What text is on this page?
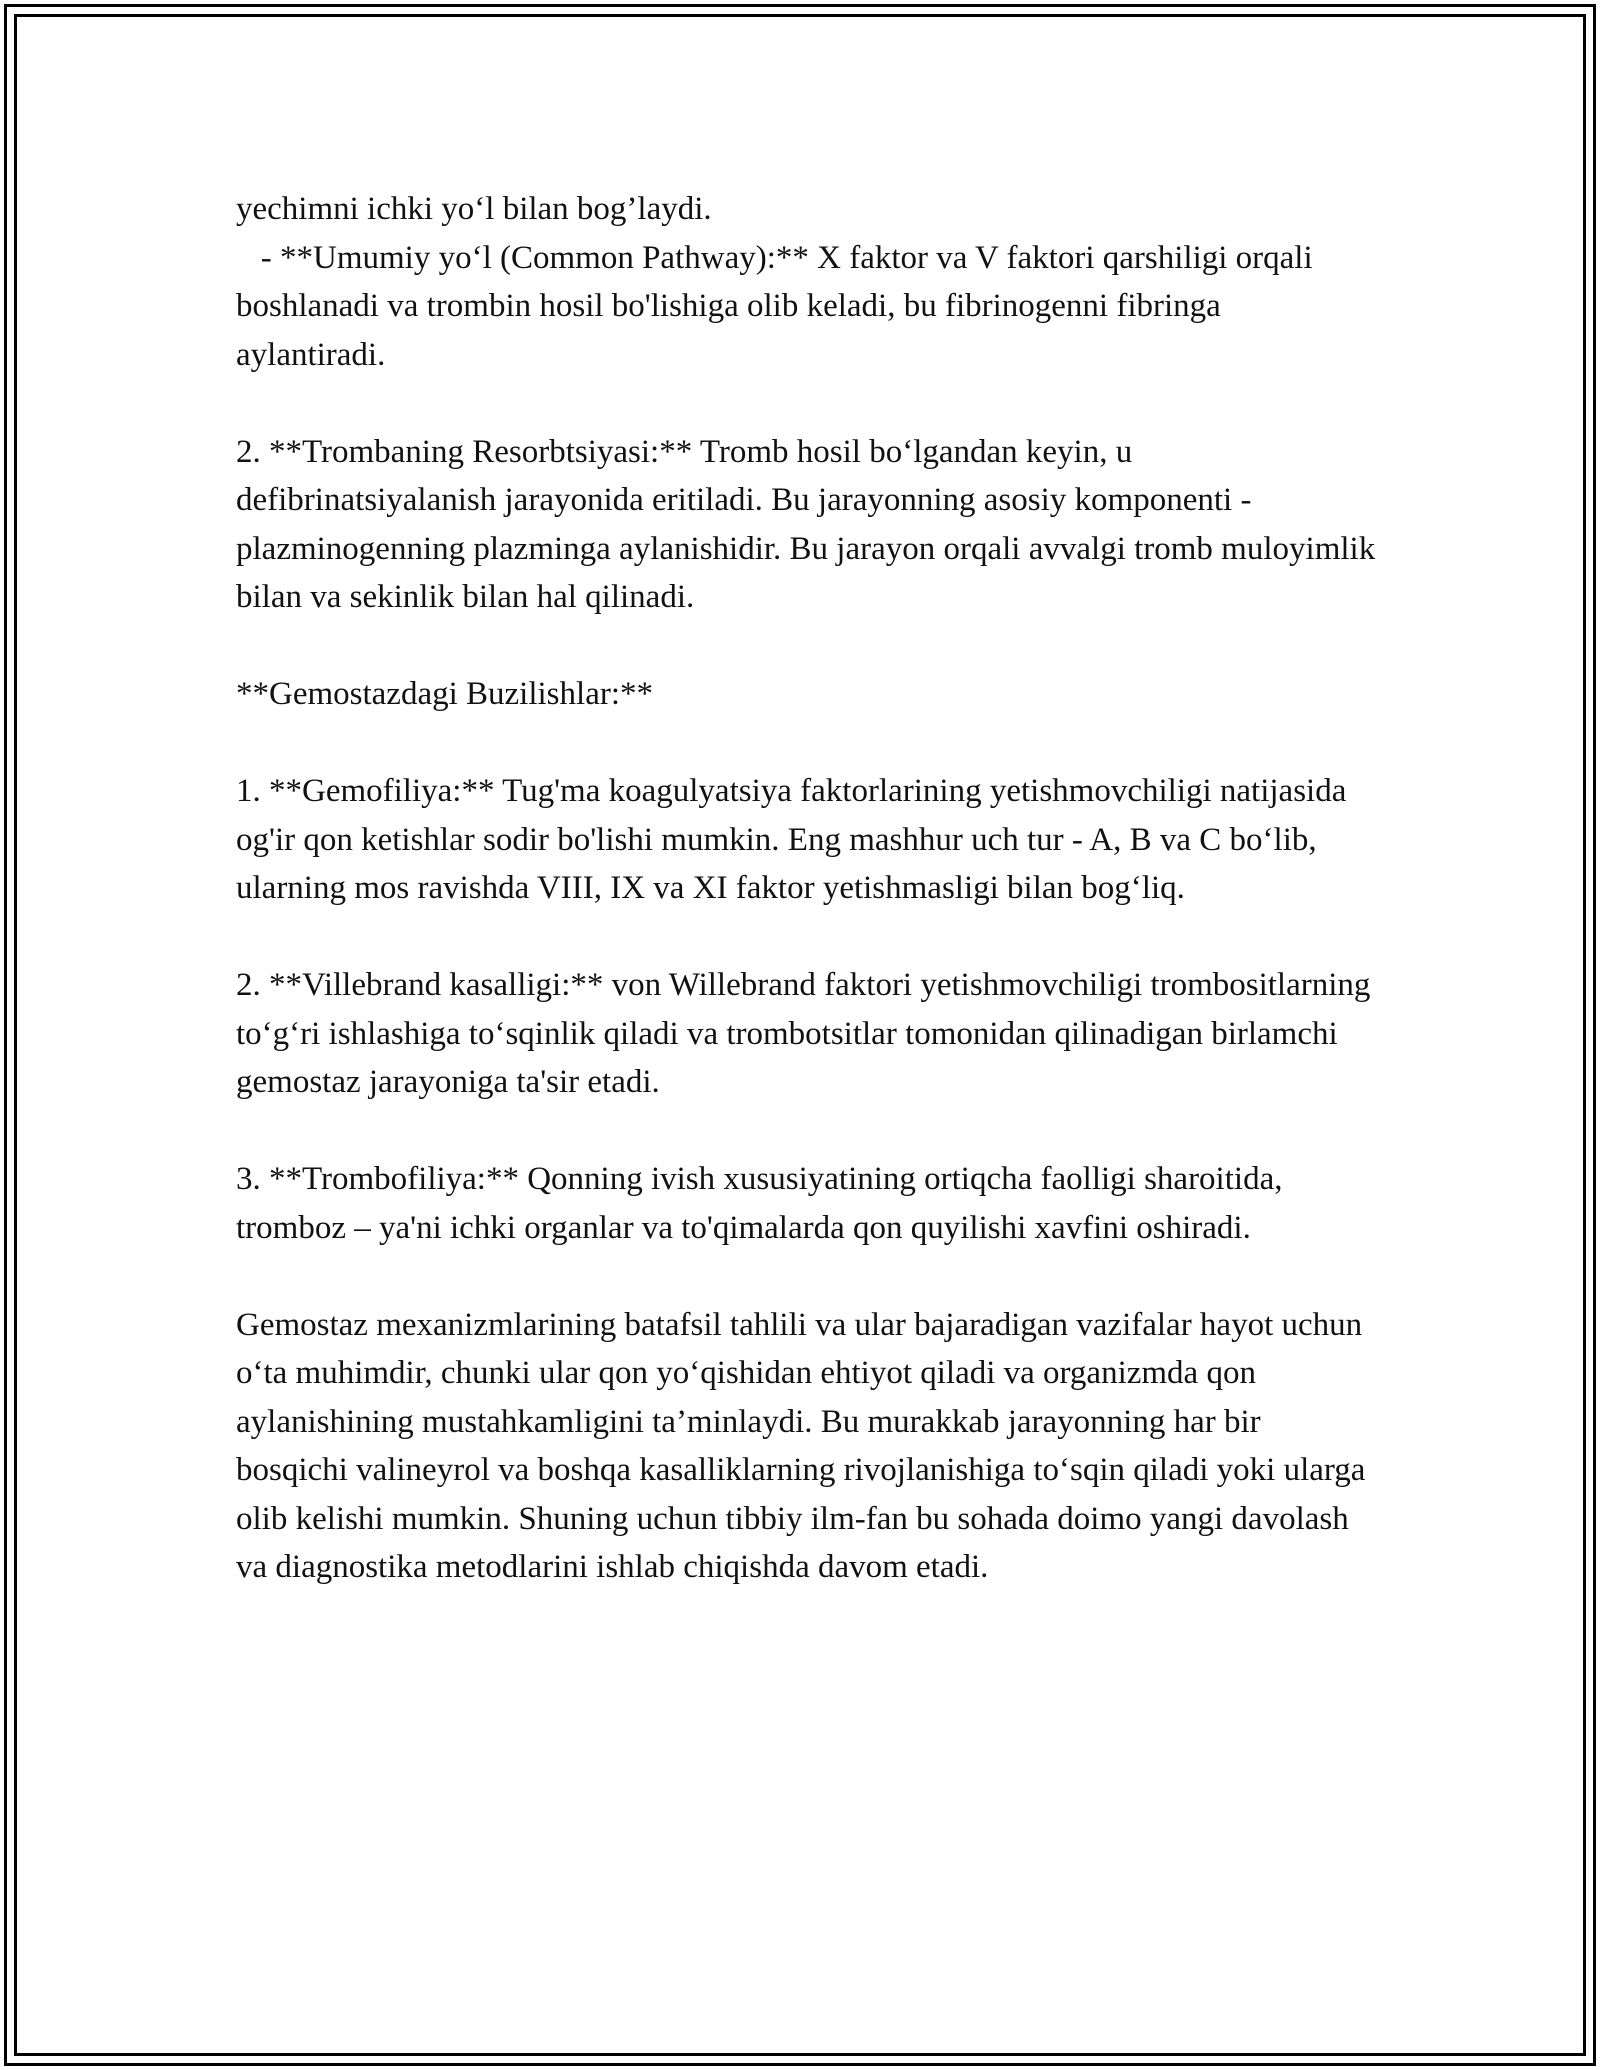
yechimni ichki yo‘l bilan bog’laydi.
- **Umumiy yo‘l (Common Pathway):** X faktor va V faktori qarshiligi orqali boshlanadi va trombin hosil bo'lishiga olib keladi, bu fibrinogenni fibringa aylantiradi.

2. **Trombaning Resorbtsiyasi:** Tromb hosil bo‘lgandan keyin, u defibrinatsiyalanish jarayonida eritiladi. Bu jarayonning asosiy komponenti - plazminogenning plazminga aylanishidir. Bu jarayon orqali avvalgi tromb muloyimlik bilan va sekinlik bilan hal qilinadi.

**Gemostazdagi Buzilishlar:**

1. **Gemofiliya:** Tug'ma koagulyatsiya faktorlarining yetishmovchiligi natijasida og'ir qon ketishlar sodir bo'lishi mumkin. Eng mashhur uch tur - A, B va C bo‘lib, ularning mos ravishda VIII, IX va XI faktor yetishmasligi bilan bog‘liq.

2. **Villebrand kasalligi:** von Willebrand faktori yetishmovchiligi trombositlarning to‘g‘ri ishlashiga to‘sqinlik qiladi va trombotsitlar tomonidan qilinadigan birlamchi gemostaz jarayoniga ta'sir etadi.

3. **Trombofiliya:** Qonning ivish xususiyatining ortiqcha faolligi sharoitida, tromboz – ya'ni ichki organlar va to'qimalarda qon quyilishi xavfini oshiradi.

Gemostaz mexanizmlarining batafsil tahlili va ular bajaradigan vazifalar hayot uchun o‘ta muhimdir, chunki ular qon yo‘qishidan ehtiyot qiladi va organizmda qon aylanishining mustahkamligini ta’minlaydi. Bu murakkab jarayonning har bir bosqichi valineyrol va boshqa kasalliklarning rivojlanishiga to‘sqin qiladi yoki ularga olib kelishi mumkin. Shuning uchun tibbiy ilm-fan bu sohada doimo yangi davolash va diagnostika metodlarini ishlab chiqishda davom etadi.
